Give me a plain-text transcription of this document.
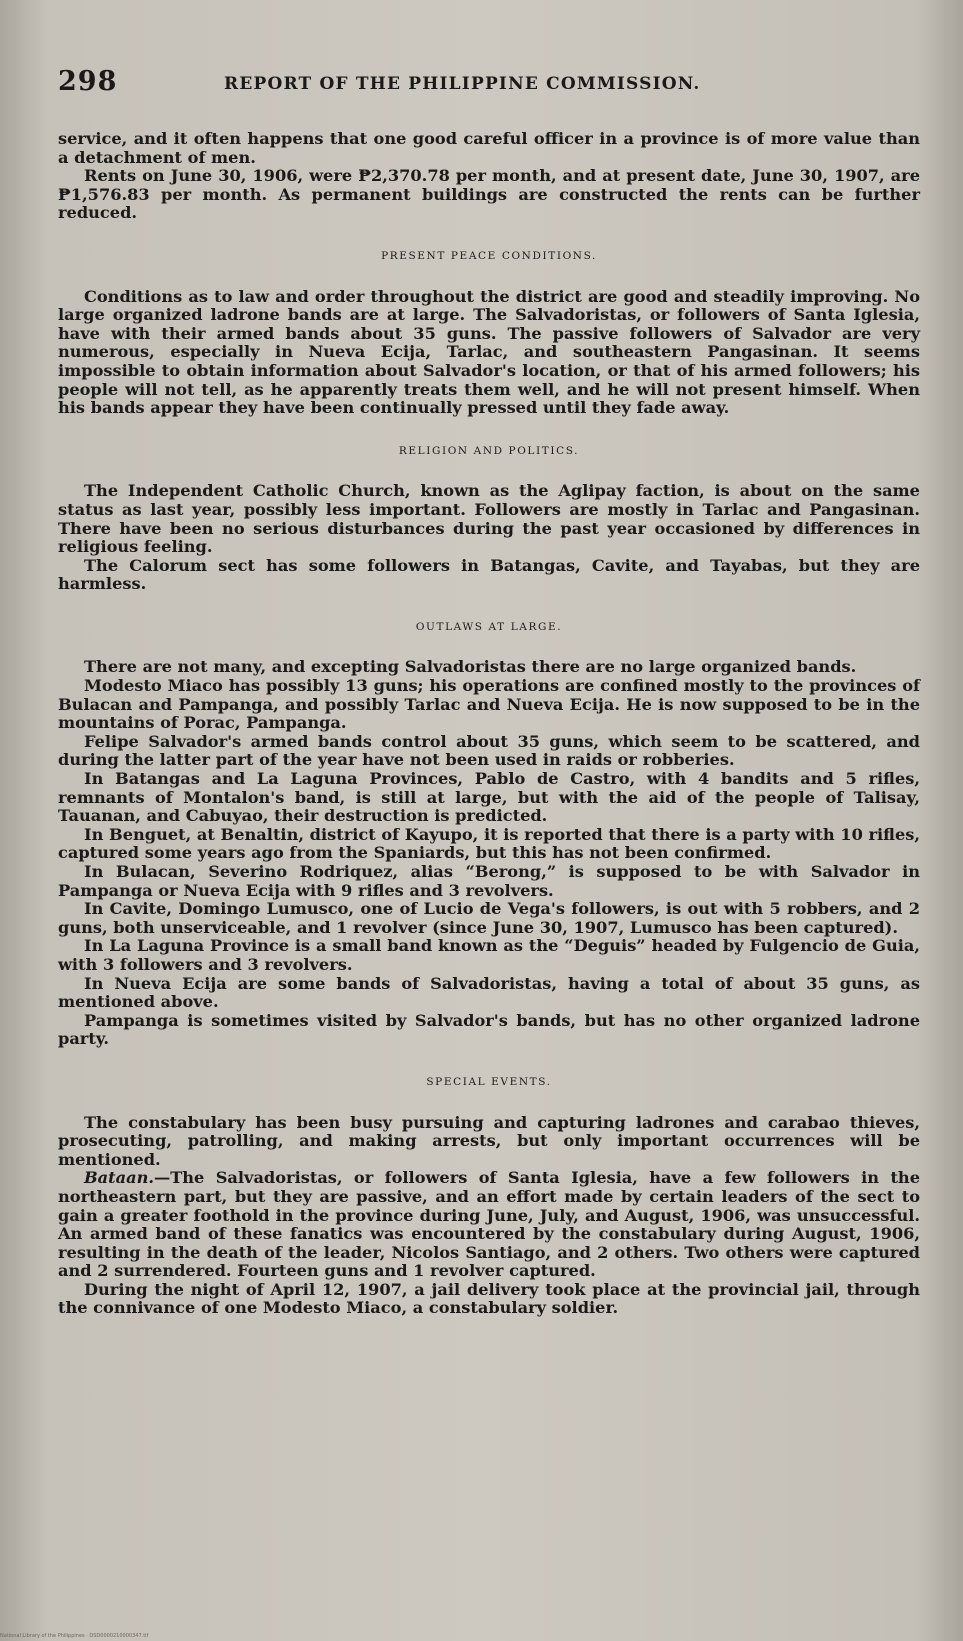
298	REPORT OF THE PHILIPPINE COMMISSION.

service, and it often happens that one good careful officer in a province is of more value than a detachment of men.

Rents on June 30, 1906, were ₱2,370.78 per month, and at present date, June 30, 1907, are ₱1,576.83 per month. As permanent buildings are constructed the rents can be further reduced.

PRESENT PEACE CONDITIONS.

Conditions as to law and order throughout the district are good and steadily improving. No large organized ladrone bands are at large. The Salvadoristas, or followers of Santa Iglesia, have with their armed bands about 35 guns. The passive followers of Salvador are very numerous, especially in Nueva Ecija, Tarlac, and southeastern Pangasinan. It seems impossible to obtain information about Salvador's location, or that of his armed followers; his people will not tell, as he apparently treats them well, and he will not present himself. When his bands appear they have been continually pressed until they fade away.

RELIGION AND POLITICS.

The Independent Catholic Church, known as the Aglipay faction, is about on the same status as last year, possibly less important. Followers are mostly in Tarlac and Pangasinan. There have been no serious disturbances during the past year occasioned by differences in religious feeling.

The Calorum sect has some followers in Batangas, Cavite, and Tayabas, but they are harmless.

OUTLAWS AT LARGE.

There are not many, and excepting Salvadoristas there are no large organized bands.

Modesto Miaco has possibly 13 guns; his operations are confined mostly to the provinces of Bulacan and Pampanga, and possibly Tarlac and Nueva Ecija. He is now supposed to be in the mountains of Porac, Pampanga.

Felipe Salvador's armed bands control about 35 guns, which seem to be scattered, and during the latter part of the year have not been used in raids or robberies.

In Batangas and La Laguna Provinces, Pablo de Castro, with 4 bandits and 5 rifles, remnants of Montalon's band, is still at large, but with the aid of the people of Talisay, Tauanan, and Cabuyao, their destruction is predicted.

In Benguet, at Benaltin, district of Kayupo, it is reported that there is a party with 10 rifles, captured some years ago from the Spaniards, but this has not been confirmed.

In Bulacan, Severino Rodriquez, alias “Berong,” is supposed to be with Salvador in Pampanga or Nueva Ecija with 9 rifles and 3 revolvers.

In Cavite, Domingo Lumusco, one of Lucio de Vega's followers, is out with 5 robbers, and 2 guns, both unserviceable, and 1 revolver (since June 30, 1907, Lumusco has been captured).

In La Laguna Province is a small band known as the “Deguis” headed by Fulgencio de Guia, with 3 followers and 3 revolvers.

In Nueva Ecija are some bands of Salvadoristas, having a total of about 35 guns, as mentioned above.

Pampanga is sometimes visited by Salvador's bands, but has no other organized ladrone party.

SPECIAL EVENTS.

The constabulary has been busy pursuing and capturing ladrones and carabao thieves, prosecuting, patrolling, and making arrests, but only important occurrences will be mentioned.

Bataan.—The Salvadoristas, or followers of Santa Iglesia, have a few followers in the northeastern part, but they are passive, and an effort made by certain leaders of the sect to gain a greater foothold in the province during June, July, and August, 1906, was unsuccessful. An armed band of these fanatics was encountered by the constabulary during August, 1906, resulting in the death of the leader, Nicolos Santiago, and 2 others. Two others were captured and 2 surrendered. Fourteen guns and 1 revolver captured.

During the night of April 12, 1907, a jail delivery took place at the provincial jail, through the connivance of one Modesto Miaco, a constabulary soldier.

National Library of the Philippines · DSD0000210000347.tif
